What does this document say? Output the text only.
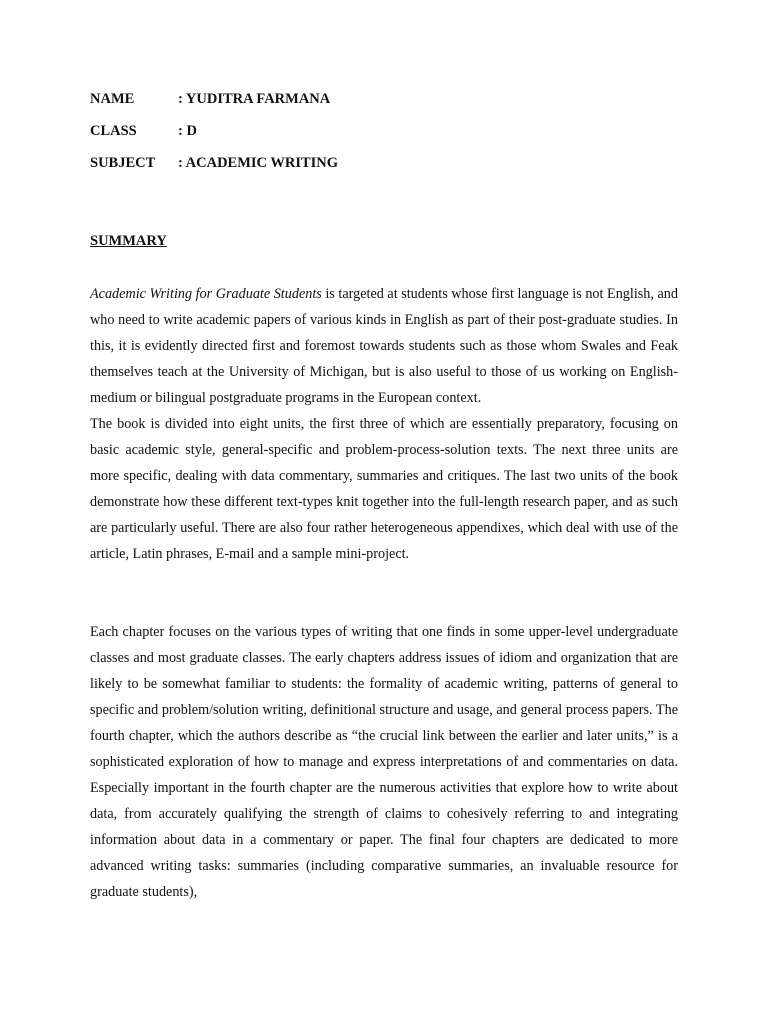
NAME	: YUDITRA FARMANA
CLASS	: D
SUBJECT	: ACADEMIC WRITING
SUMMARY

Academic Writing for Graduate Students is targeted at students whose first language is not English, and who need to write academic papers of various kinds in English as part of their post-graduate studies. In this, it is evidently directed first and foremost towards students such as those whom Swales and Feak themselves teach at the University of Michigan, but is also useful to those of us working on English-medium or bilingual postgraduate programs in the European context.

The book is divided into eight units, the first three of which are essentially preparatory, focusing on basic academic style, general-specific and problem-process-solution texts. The next three units are more specific, dealing with data commentary, summaries and critiques. The last two units of the book demonstrate how these different text-types knit together into the full-length research paper, and as such are particularly useful. There are also four rather heterogeneous appendixes, which deal with use of the article, Latin phrases, E-mail and a sample mini-project.

Each chapter focuses on the various types of writing that one finds in some upper-level undergraduate classes and most graduate classes. The early chapters address issues of idiom and organization that are likely to be somewhat familiar to students: the formality of academic writing, patterns of general to specific and problem/solution writing, definitional structure and usage, and general process papers. The fourth chapter, which the authors describe as “the crucial link between the earlier and later units,” is a sophisticated exploration of how to manage and express interpretations of and commentaries on data. Especially important in the fourth chapter are the numerous activities that explore how to write about data, from accurately qualifying the strength of claims to cohesively referring to and integrating information about data in a commentary or paper. The final four chapters are dedicated to more advanced writing tasks: summaries (including comparative summaries, an invaluable resource for graduate students),
